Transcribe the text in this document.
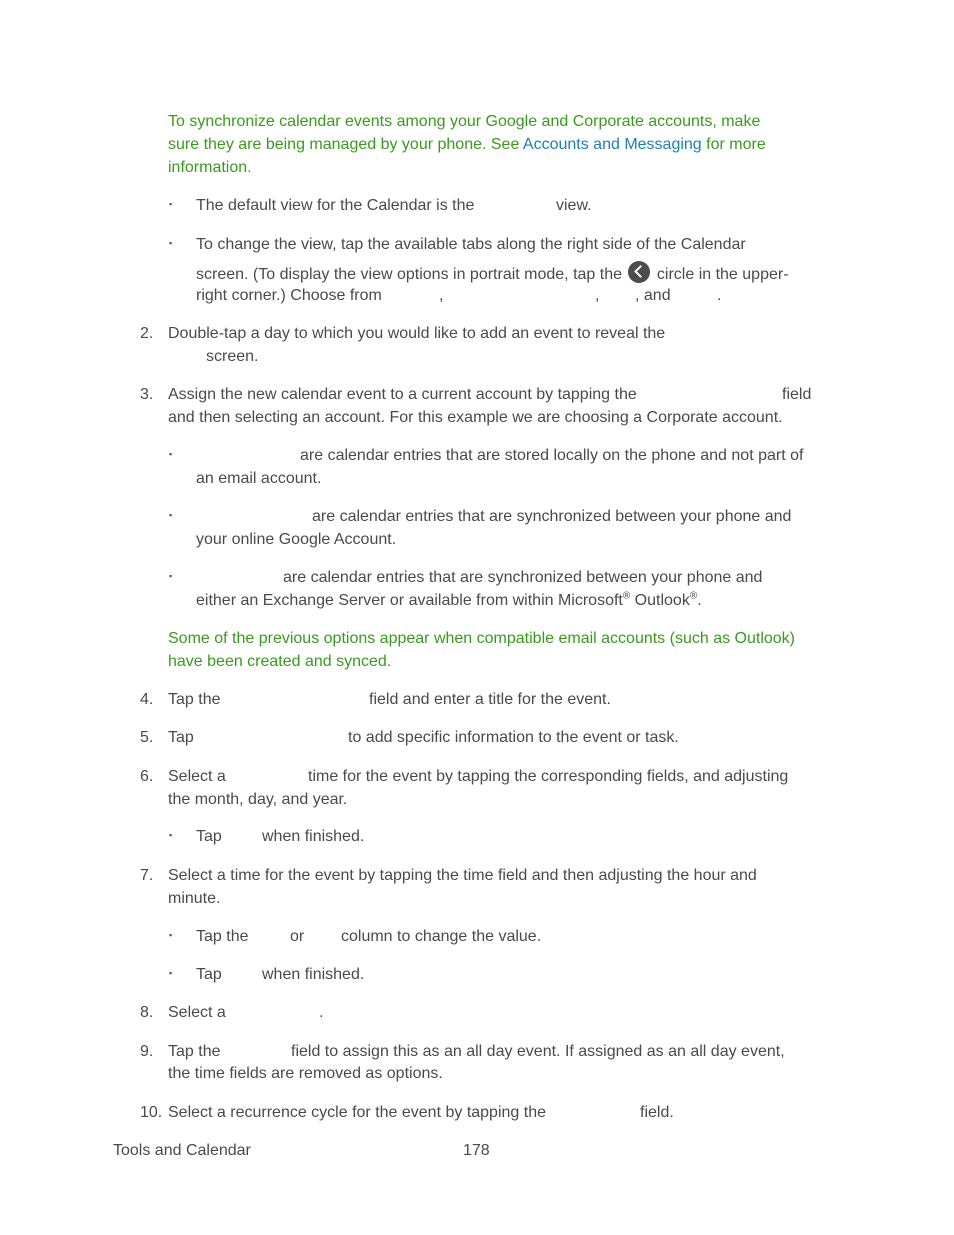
To synchronize calendar events among your Google and Corporate accounts, make
sure they are being managed by your phone. See Accounts and Messaging for more
information.
▪ The default view for the Calendar is the	view.
▪ To change the view, tap the available tabs along the right side of the Calendar
screen. (To display the view options in portrait mode, tap the circle in the upper-
right corner.) Choose from	,	, , and	.
2. Double-tap a day to which you would like to add an event to reveal the
screen.
3. Assign the new calendar event to a current account by tapping the	field
and then selecting an account. For this example we are choosing a Corporate account.
▪	are calendar entries that are stored locally on the phone and not part of
an email account.
▪	are calendar entries that are synchronized between your phone and
your online Google Account.
▪	are calendar entries that are synchronized between your phone and
either an Exchange Server or available from within Microsoft® Outlook®.
Some of the previous options appear when compatible email accounts (such as Outlook)
have been created and synced.
4. Tap the	field and enter a title for the event.
5. Tap	to add specific information to the event or task.
6. Select a	time for the event by tapping the corresponding fields, and adjusting
the month, day, and year.
▪ Tap	when finished.
7. Select a time for the event by tapping the time field and then adjusting the hour and
minute.
▪ Tap the	or column to change the value.
▪ Tap	when finished.
8. Select a	.
9. Tap the	field to assign this as an all day event. If assigned as an all day event,
the time fields are removed as options.
10. Select a recurrence cycle for the event by tapping the	field.
Tools and Calendar	178
